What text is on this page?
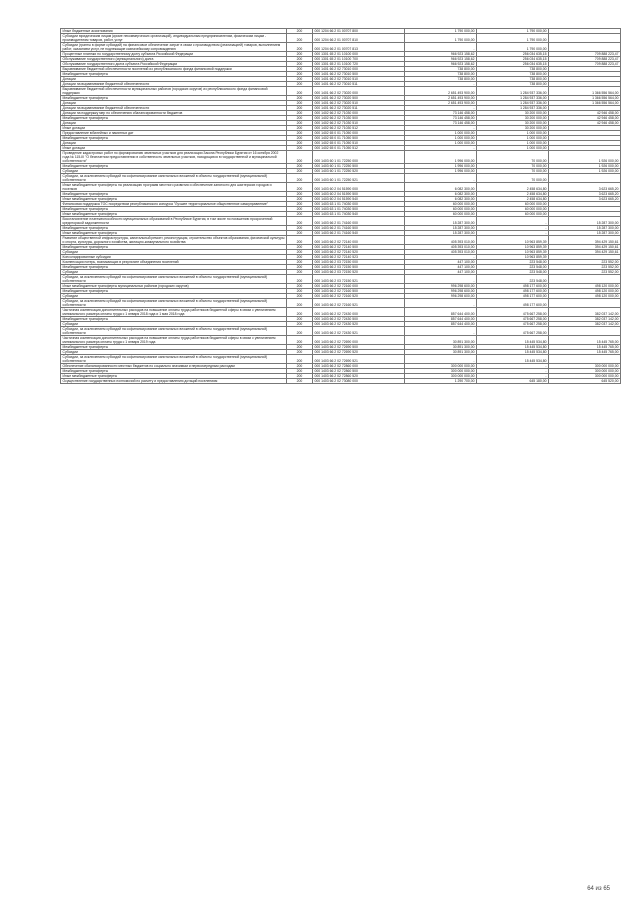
Иные бюджетные ассигнования	200	000 1204 66 2 01 00707 800	1 790 000,00	1 790 000,00	
Субсидии юридическим лицам (кроме некоммерческих организаций), индивидуальным предпринимателям, физическим лицам - производителям товаров, работ, услуг	200	000 1204 66 2 01 00707 810	1 790 000,00	1 790 000,00	
Субсидии (гранты в форме субсидий) на финансовое обеспечение затрат в связи с производством (реализацией) товаров, выполнением работ, оказанием услуг, не подлежащие казначейскому сопровождению	200	000 1204 66 2 01 00707 813	-	1 790 000,00	
Процентные платежи по государственному долгу субъекта Российской Федерации	200	000 1301 65 2 01 10100 000	966 923 158,62	256 034 635,15	709 888 223,47
Обслуживание государственного (муниципального) долга	200	000 1301 65 2 01 10100 700	966 923 158,62	256 034 635,15	709 888 223,47
Обслуживание государственного долга субъекта Российской Федерации	200	000 1301 65 2 01 10100 720	966 923 158,62	256 034 635,15	709 888 223,47
Выравнивание бюджетной обеспеченности поселений из республиканского фонда финансовой поддержки	200	000 1401 66 2 02 73010 000	738 800,00	738 800,00	
Межбюджетные трансферты	200	000 1401 66 2 02 73010 500	738 800,00	738 800,00	
Дотации	200	000 1401 66 2 02 73010 510	738 800,00	738 800,00	
Дотации на выравнивание бюджетной обеспеченности	200	000 1401 66 2 02 73010 511	-	738 800,00	
Выравнивание бюджетной обеспеченности муниципальных районов (городских округов) из республиканского фонда финансовой поддержки	200	000 1401 66 2 02 73020 000	2 651 493 900,00	1 284 937 336,00	1 366 556 564,00
Межбюджетные трансферты	200	000 1401 66 2 02 73020 500	2 651 493 900,00	1 284 937 336,00	1 366 556 564,00
Дотации	200	000 1401 66 2 02 73020 510	2 651 493 900,00	1 284 937 336,00	1 366 556 564,00
Дотации на выравнивание бюджетной обеспеченности	200	000 1401 66 2 02 73020 511	-	1 284 937 336,00	
Дотации на поддержку мер по обеспечению сбалансированности бюджетов	200	000 1402 66 2 02 71030 000	73 146 458,00	30 200 000,00	42 946 458,00
Межбюджетные трансферты	200	000 1402 66 2 02 71030 500	73 146 458,00	30 200 000,00	42 946 458,00
Дотации	200	000 1402 66 2 02 71030 510	73 146 458,00	30 200 000,00	42 946 458,00
Иные дотации	200	000 1402 66 2 02 71030 512	-	30 200 000,00	
Предоставление юбилейных и памятных дат	200	000 1402 65 0 01 71050 000	1 000 000,00	1 000 000,00	
Межбюджетные трансферты	200	000 1402 65 0 01 71050 500	1 000 000,00	1 000 000,00	
Дотации	200	000 1402 65 0 01 71050 510	1 000 000,00	1 000 000,00	
Иные дотации	200	000 1402 65 0 01 71050 512	-	1 000 000,00	
Проведение кадастровых работ по формированию земельных участков для реализации Закона Республики Бурятия от 16 октября 2002 года № 115-III "О бесплатном предоставлении в собственность земельных участков, находящихся в государственной и муниципальной собственности"	200	000 1403 60 1 01 72250 000	1 996 000,00	70 000,00	1 926 000,00
Межбюджетные трансферты	200	000 1403 60 1 01 72250 500	1 996 000,00	70 000,00	1 926 000,00
Субсидии	200	000 1403 60 1 01 72250 520	1 996 000,00	70 000,00	1 926 000,00
Субсидии, за исключением субсидий на софинансирование капитальных вложений в объекты государственной (муниципальной) собственности	200	000 1403 60 1 01 72250 521	-	70 000,00	
Иные межбюджетные трансферты на реализацию программ местного развития и обеспечение занятости для шахтерских городов и поселков	200	000 1403 60 2 04 51590 000	6 082 300,00	2 458 634,80	3 623 665,20
Межбюджетные трансферты	200	000 1403 60 2 04 51590 500	6 082 300,00	2 458 634,80	3 623 665,20
Иные межбюджетные трансферты	200	000 1403 60 2 04 51590 540	6 082 300,00	2 458 634,80	3 623 665,20
Финансовая поддержка ТОС посредством республиканского конкурса "Лучшее территориальное общественное самоуправление"	200	000 1403 63 1 01 74030 000	60 000 000,00	60 000 000,00	
Межбюджетные трансферты	200	000 1403 63 1 01 74030 500	60 000 000,00	60 000 000,00	
Иные межбюджетные трансферты	200	000 1403 63 1 01 74030 540	60 000 000,00	60 000 000,00	
Восстановление платежеспособности муниципальных образований в Республике Бурятия, в том числе по погашению просроченной кредиторской задолженности	200	000 1403 66 2 01 74160 000	15 287 300,00	-	15 287 300,00
Межбюджетные трансферты	200	000 1403 66 2 01 74160 500	15 287 300,00	-	15 287 300,00
Иные межбюджетные трансферты	200	000 1403 66 2 01 74160 540	15 287 300,00	-	15 287 300,00
Развитие общественной инфраструктуры, капитальный ремонт, реконструкция, строительство объектов образования, физической культуры и спорта, культуры, дорожного хозяйства, жилищно-коммунального хозяйства	200	000 1403 66 2 02 72140 000	405 393 010,00	10 963 859,39	394 429 150,61
Межбюджетные трансферты	200	000 1403 66 2 02 72140 500	405 393 010,00	10 963 859,39	394 429 150,61
Субсидии	200	000 1403 66 2 02 72140 520	405 393 010,00	10 963 859,39	394 429 150,61
Консолидированные субсидии	200	000 1403 66 2 02 72140 523	-	10 963 859,39	
Компенсация потерь, возникающих в результате объединения поселений	200	000 1403 66 2 03 72150 000	447 100,00	223 548,00	223 552,00
Межбюджетные трансферты	200	000 1403 66 2 03 72150 500	447 100,00	223 548,00	223 552,00
Субсидии	200	000 1403 66 2 03 72150 520	447 100,00	223 548,00	223 552,00
Субсидии, за исключением субсидий на софинансирование капитальных вложений в объекты государственной (муниципальной) собственности	200	000 1403 66 2 03 72150 521	-	223 548,00	
Иные межбюджетные трансферты муниципальных районов (городских округов)	200	000 1403 66 2 02 72160 000	996 298 600,00	498 177 600,00	498 120 000,00
Межбюджетные трансферты	200	000 1403 66 2 02 72160 500	996 298 600,00	498 177 600,00	498 120 000,00
Субсидии	200	000 1403 66 2 02 72160 520	996 298 600,00	498 177 600,00	498 120 000,00
Субсидии, за исключением субсидий на софинансирование капитальных вложений в объекты государственной (муниципальной) собственности	200	000 1403 66 2 02 72160 521	-	498 177 600,00	
Частичная компенсация дополнительных расходов на повышение оплаты труда работников бюджетной сферы в связи с увеличением минимального размера оплаты труда с 1 января 2018 года и 1 мая 2018 года	200	000 1403 66 2 02 72430 000	857 644 400,00	475 667 258,00	382 037 142,00
Межбюджетные трансферты	200	000 1403 66 2 02 72430 500	857 644 400,00	475 667 258,00	382 037 142,00
Субсидии	200	000 1403 66 2 02 72430 520	857 644 400,00	475 667 258,00	382 037 142,00
Субсидии, за исключением субсидий на софинансирование капитальных вложений в объекты государственной (муниципальной) собственности	200	000 1403 66 2 02 72430 521	-	475 667 258,00	
Частичная компенсация дополнительных расходов на повышение оплаты труда работников бюджетной сферы в связи с увеличением минимального размера оплаты труда с 1 января 2019 года	200	000 1403 66 2 02 72690 000	30 891 300,00	15 445 534,80	15 445 765,00
Межбюджетные трансферты	200	000 1403 66 2 02 72690 500	30 891 300,00	15 445 534,80	15 445 765,00
Субсидии	200	000 1403 66 2 02 72690 520	30 891 300,00	15 445 534,80	15 445 765,00
Субсидии, за исключением субсидий на софинансирование капитальных вложений в объекты государственной (муниципальной) собственности	200	000 1403 66 2 02 72690 521	-	15 445 534,80	
Обеспечение сбалансированности местных бюджетов по социально значимым и первоочередным расходам	200	000 1403 66 2 02 72860 000	300 000 000,00	-	300 000 000,00
Межбюджетные трансферты	200	000 1403 66 2 02 72860 500	300 000 000,00	-	300 000 000,00
Иные межбюджетные трансферты	200	000 1403 66 2 02 72860 520	300 000 000,00	-	300 000 000,00
Осуществление государственных полномочий по расчету и предоставлению дотаций поселениям	200	000 1403 66 2 02 73080 000	1 290 700,00	645 180,00	645 520,00
64 из 65
